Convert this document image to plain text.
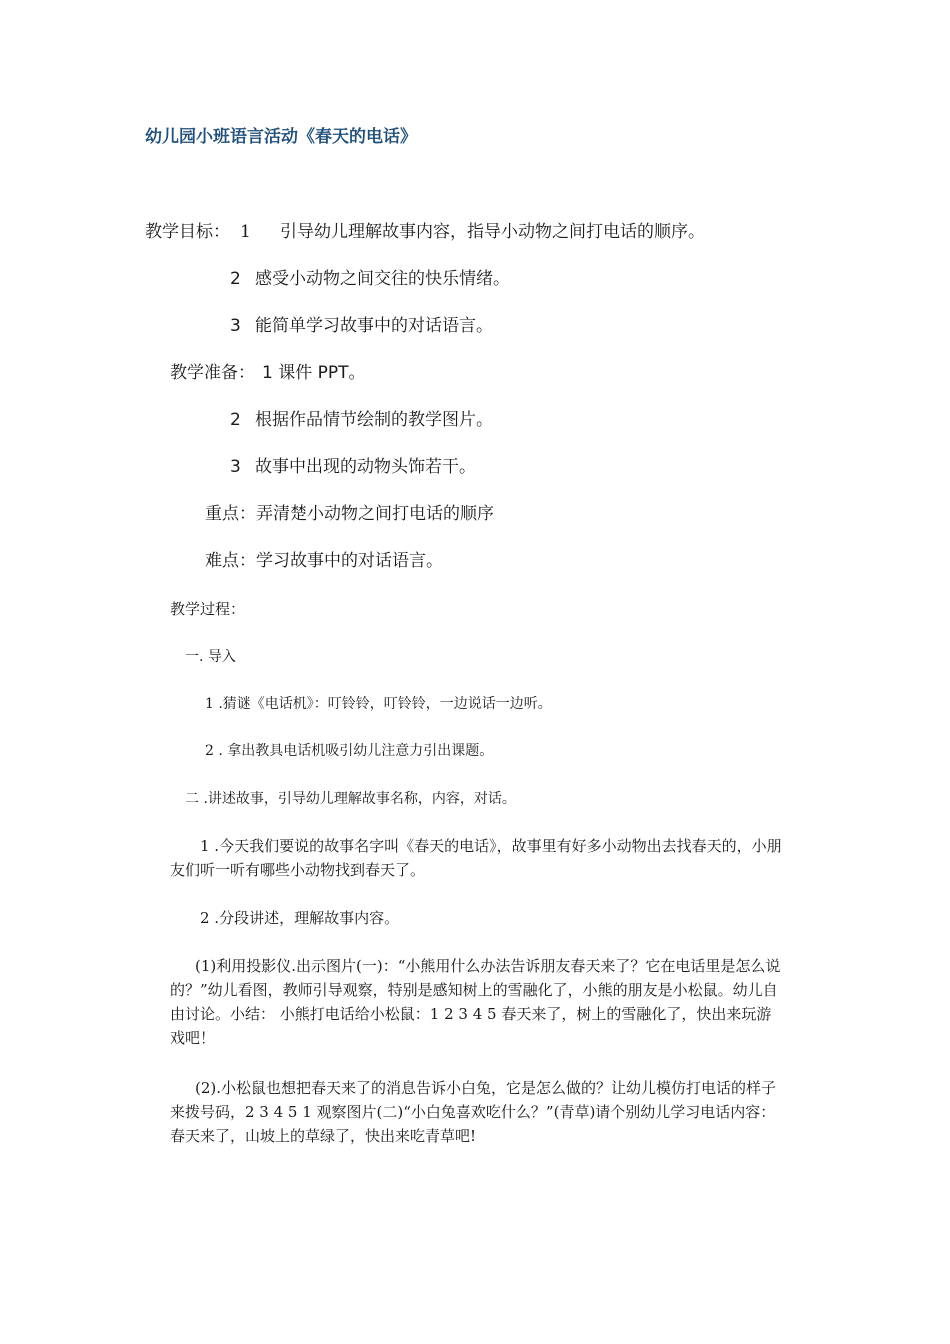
幼儿园小班语言活动《春天的电话》
教学目标： 1 引导幼儿理解故事内容，指导小动物之间打电话的顺序。
2 感受小动物之间交往的快乐情绪。
3 能简单学习故事中的对话语言。
教学准备： 1 课件 PPT。
2 根据作品情节绘制的教学图片。
3 故事中出现的动物头饰若干。
重点：弄清楚小动物之间打电话的顺序
难点：学习故事中的对话语言。
教学过程：
一. 导入
1 .猜谜《电话机》：叮铃铃，叮铃铃，一边说话一边听。
2 . 拿出教具电话机吸引幼儿注意力引出课题。
二 .讲述故事，引导幼儿理解故事名称，内容，对话。
1 .今天我们要说的故事名字叫《春天的电话》，故事里有好多小动物出去找春天的，小朋友们听一听有哪些小动物找到春天了。
2 .分段讲述，理解故事内容。
(1)利用投影仪.出示图片(一)：“小熊用什么办法告诉朋友春天来了？它在电话里是怎么说的？”幼儿看图，教师引导观察，特别是感知树上的雪融化了，小熊的朋友是小松鼠。幼儿自由讨论。小结： 小熊打电话给小松鼠：1 2 3 4 5 春天来了，树上的雪融化了，快出来玩游戏吧！
(2).小松鼠也想把春天来了的消息告诉小白兔，它是怎么做的？让幼儿模仿打电话的样子来拨号码，2 3 4 5 1 观察图片(二)“小白兔喜欢吃什么？”(青草)请个别幼儿学习电话内容：春天来了，山坡上的草绿了，快出来吃青草吧!
